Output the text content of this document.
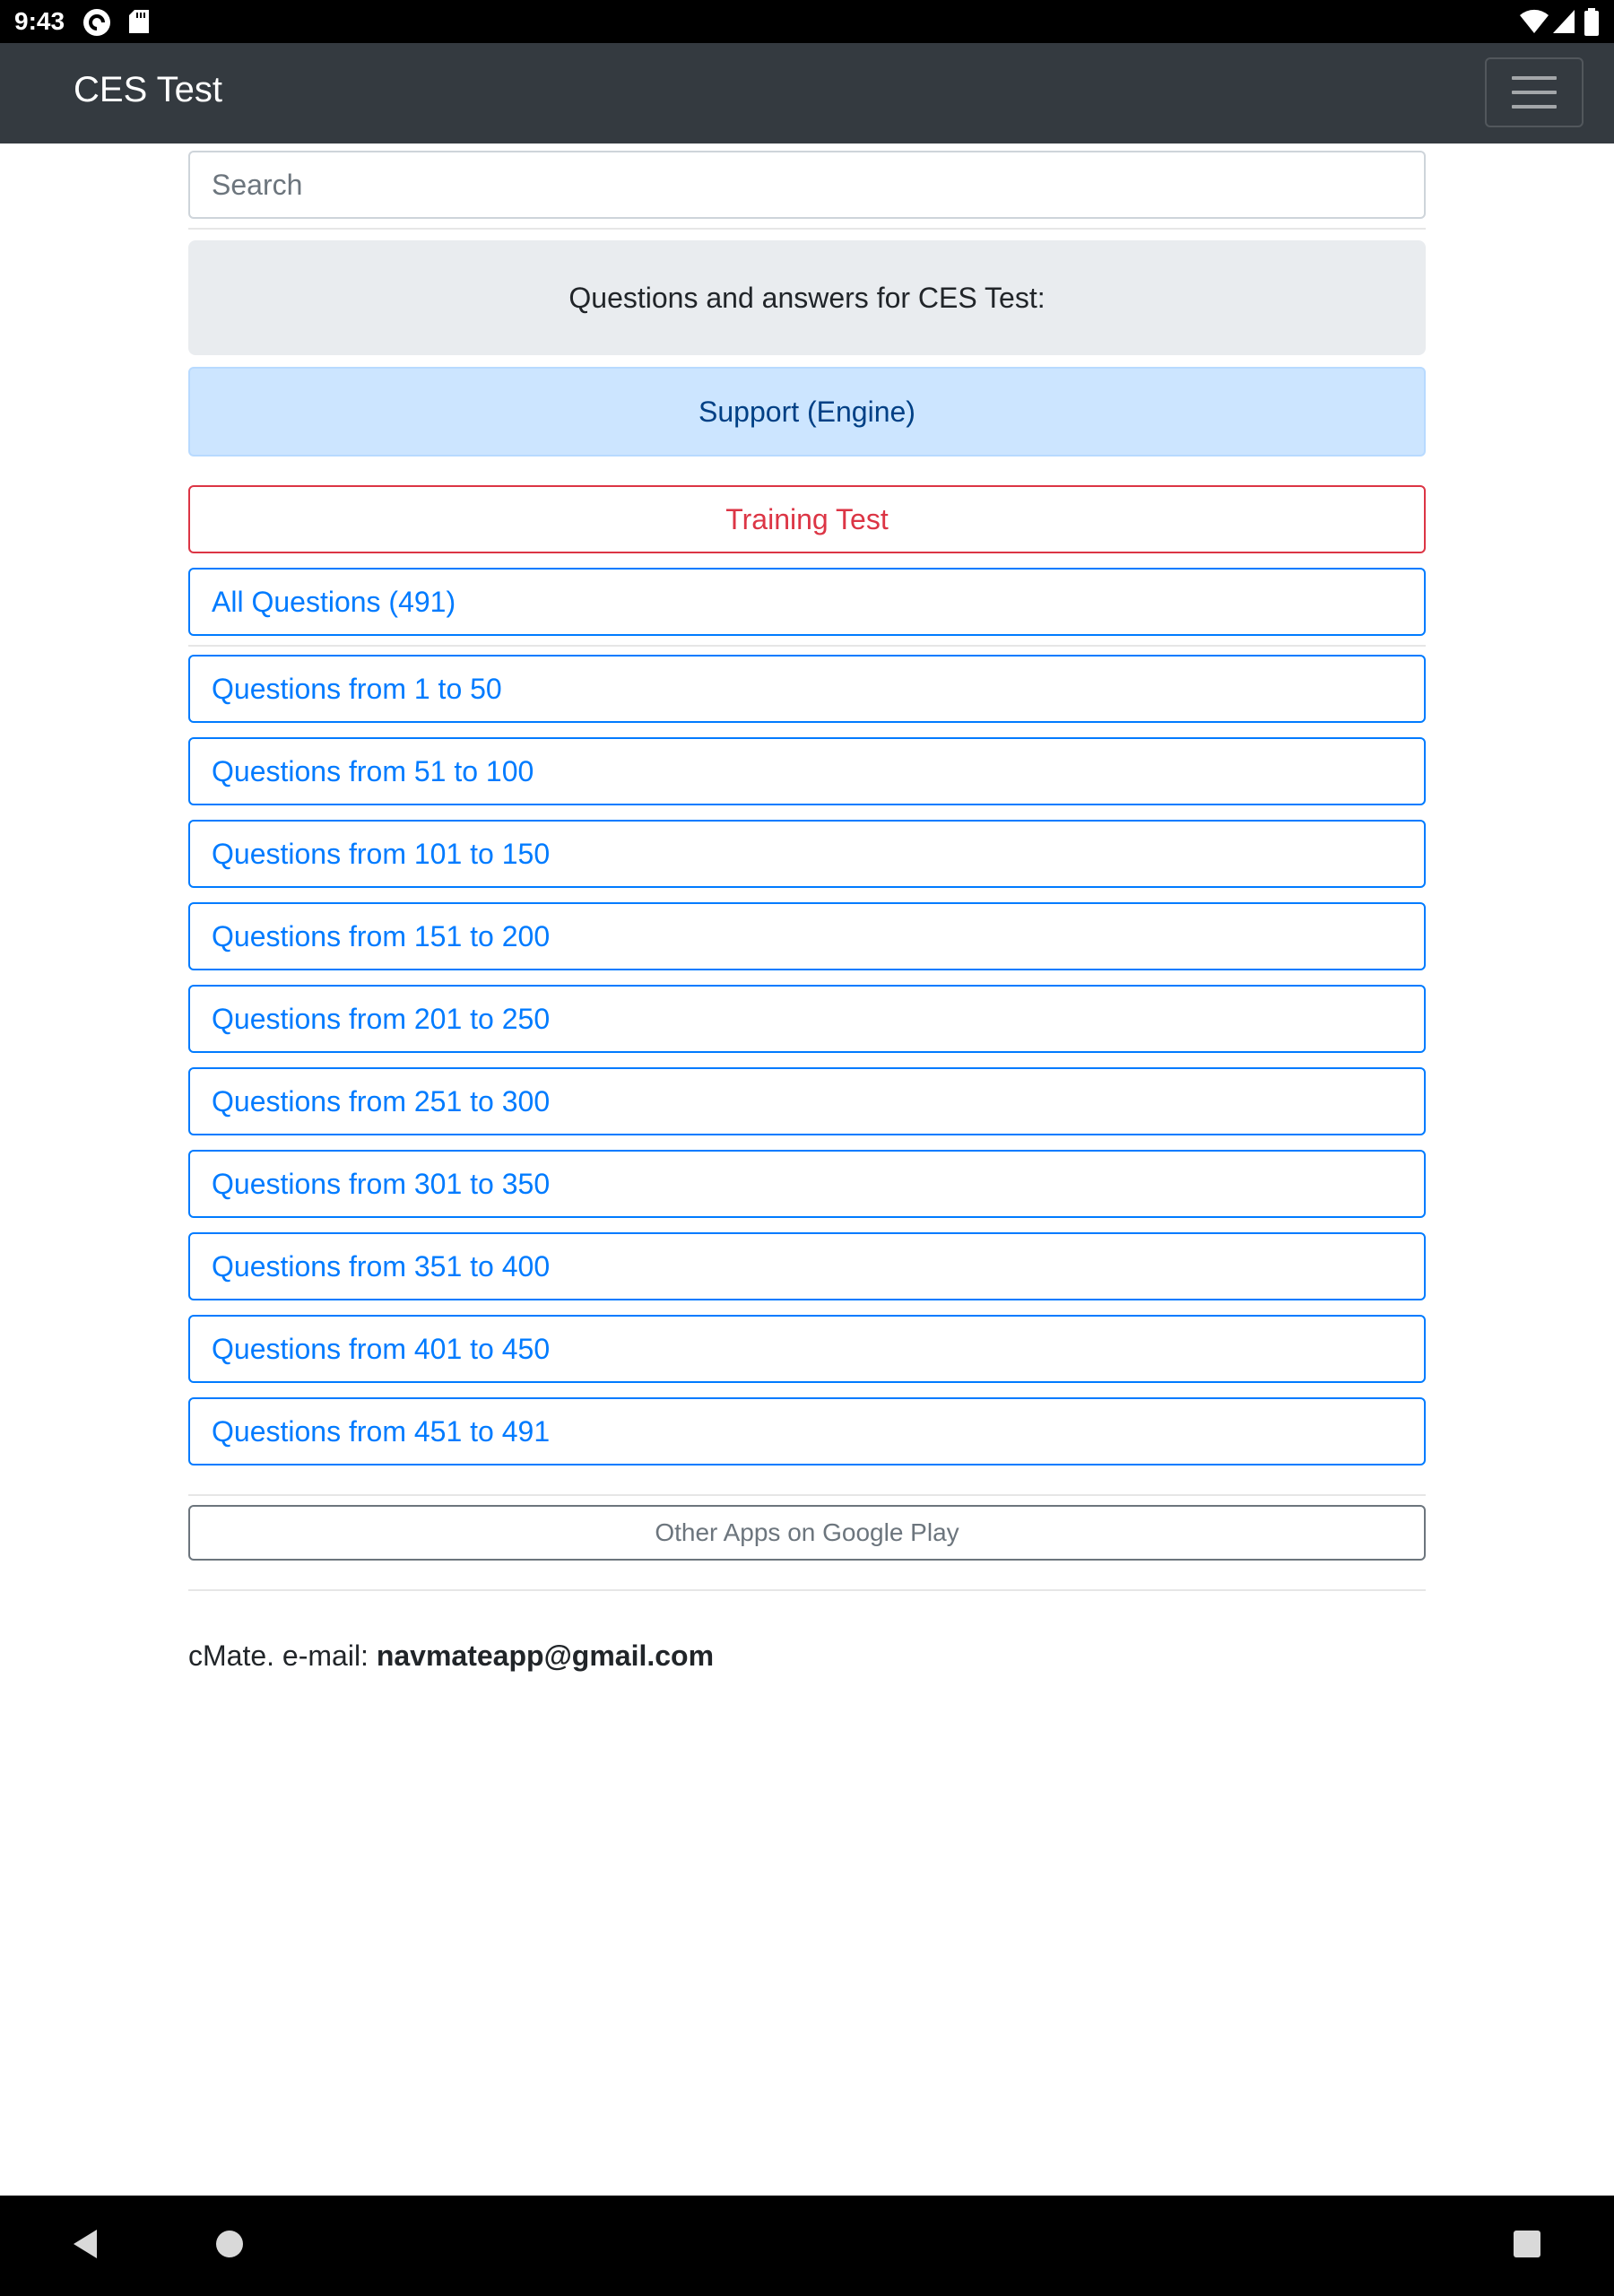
9:43
CES Test
Search
Questions and answers for CES Test:
Support (Engine)
Training Test
All Questions (491)
Questions from 1 to 50
Questions from 51 to 100
Questions from 101 to 150
Questions from 151 to 200
Questions from 201 to 250
Questions from 251 to 300
Questions from 301 to 350
Questions from 351 to 400
Questions from 401 to 450
Questions from 451 to 491
Other Apps on Google Play
cMate. e-mail: navmateapp@gmail.com
